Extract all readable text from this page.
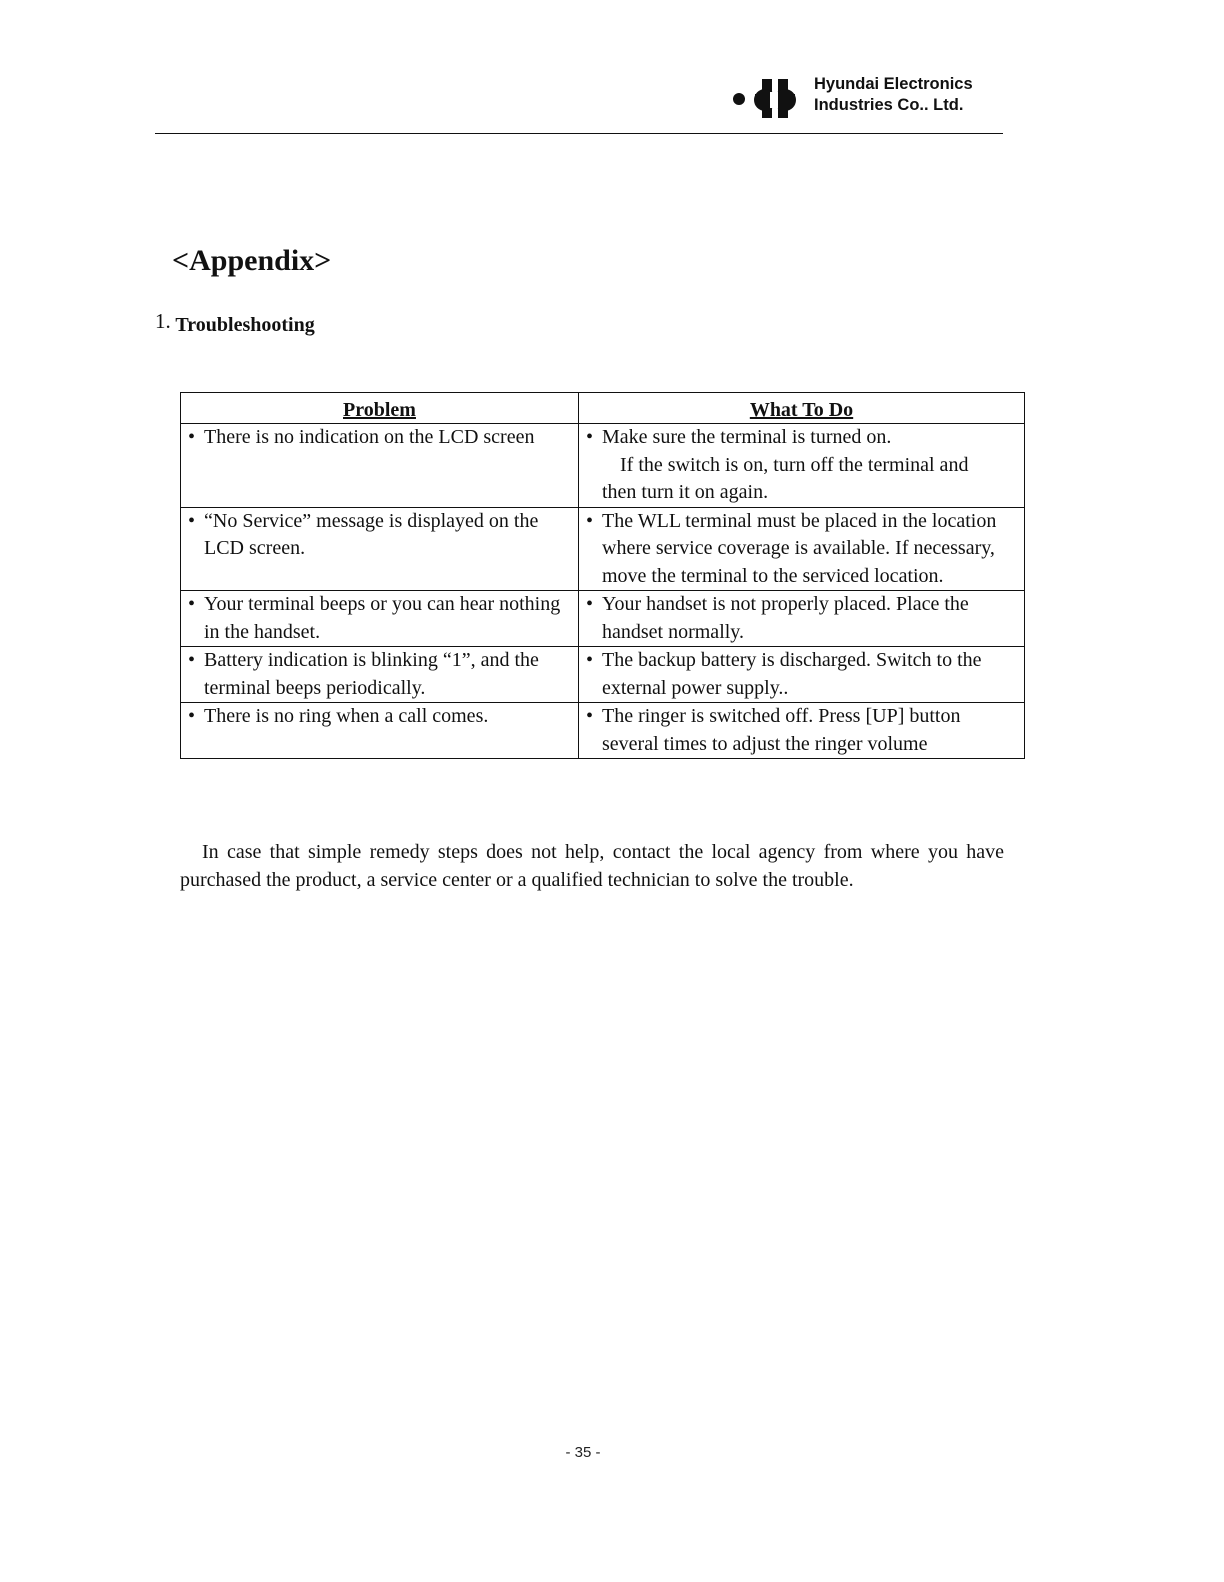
Hyundai Electronics
Industries Co.. Ltd.
<Appendix>
1. Troubleshooting
Problem	What To Do

• There is no indication on the LCD screen	• Make sure the terminal is turned on.
If the switch is on, turn off the terminal and
then turn it on again.

• “No Service” message is displayed on the LCD screen.	• The WLL terminal must be placed in the location where service coverage is available. If necessary, move the terminal to the serviced location.

• Your terminal beeps or you can hear nothing in the handset.	• Your handset is not properly placed. Place the handset normally.

• Battery indication is blinking “1”, and the terminal beeps periodically.	• The backup battery is discharged. Switch to the external power supply..

• There is no ring when a call comes.	• The ringer is switched off. Press [UP] button several times to adjust the ringer volume

In case that simple remedy steps does not help, contact the local agency from where you have purchased the product, a service center or a qualified technician to solve the trouble.

- 35 -
